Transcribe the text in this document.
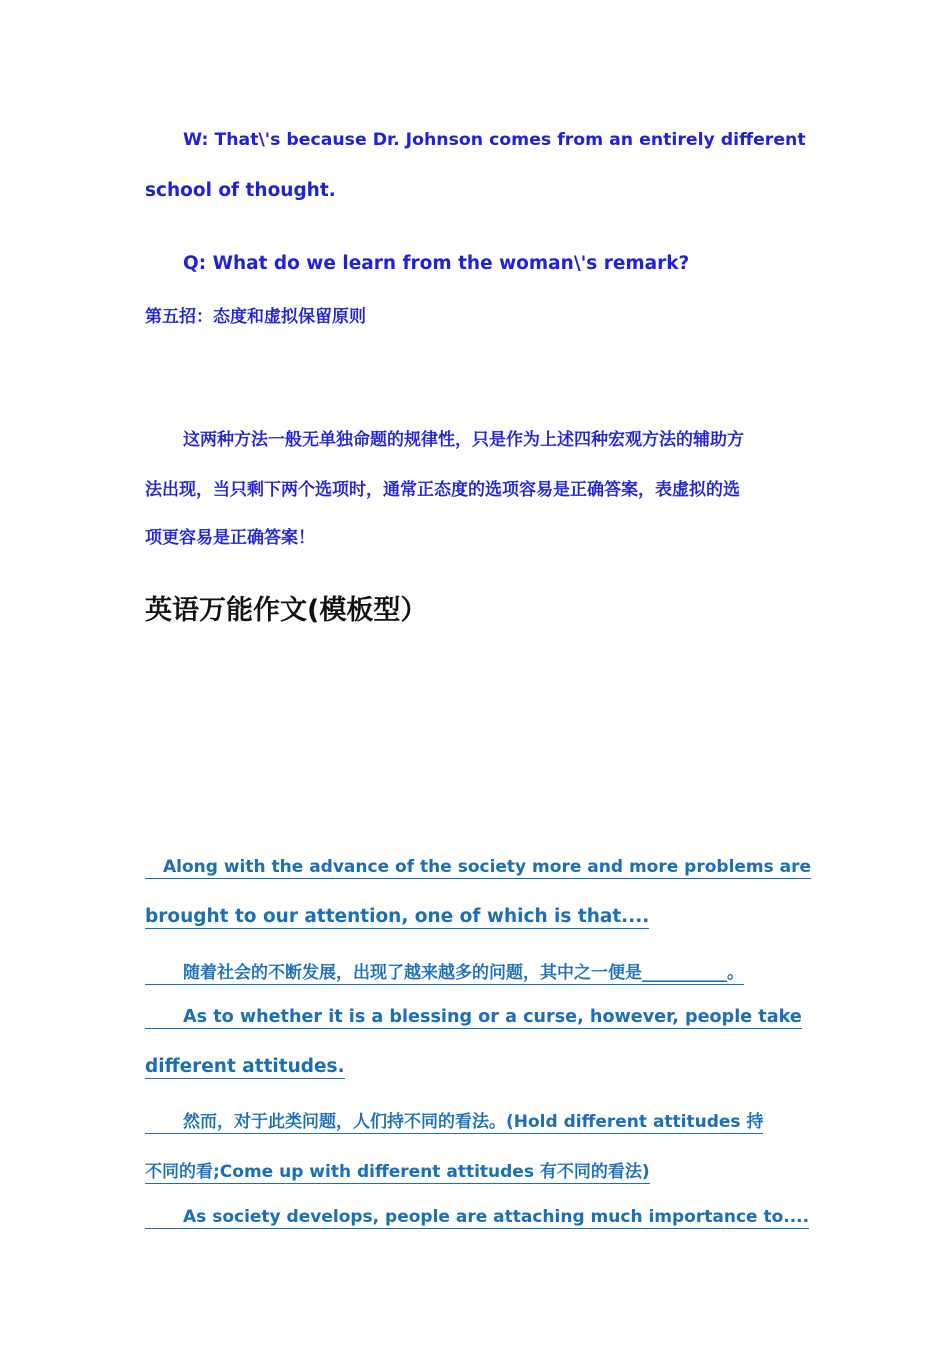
W: That\'s because Dr. Johnson comes from an entirely different
school of thought.
Q: What do we learn from the woman\'s remark?
第五招：态度和虚拟保留原则
这两种方法一般无单独命题的规律性，只是作为上述四种宏观方法的辅助方
法出现，当只剩下两个选项时，通常正态度的选项容易是正确答案，表虚拟的选
项更容易是正确答案！
英语万能作文(模板型）
Along with the advance of the society more and more problems are
brought to our attention, one of which is that....
随着社会的不断发展，出现了越来越多的问题，其中之一便是__________。
As to whether it is a blessing or a curse, however, people take
different attitudes.
然而，对于此类问题，人们持不同的看法。(Hold different attitudes 持
不同的看;Come up with different attitudes 有不同的看法)
As society develops, people are attaching much importance to....
